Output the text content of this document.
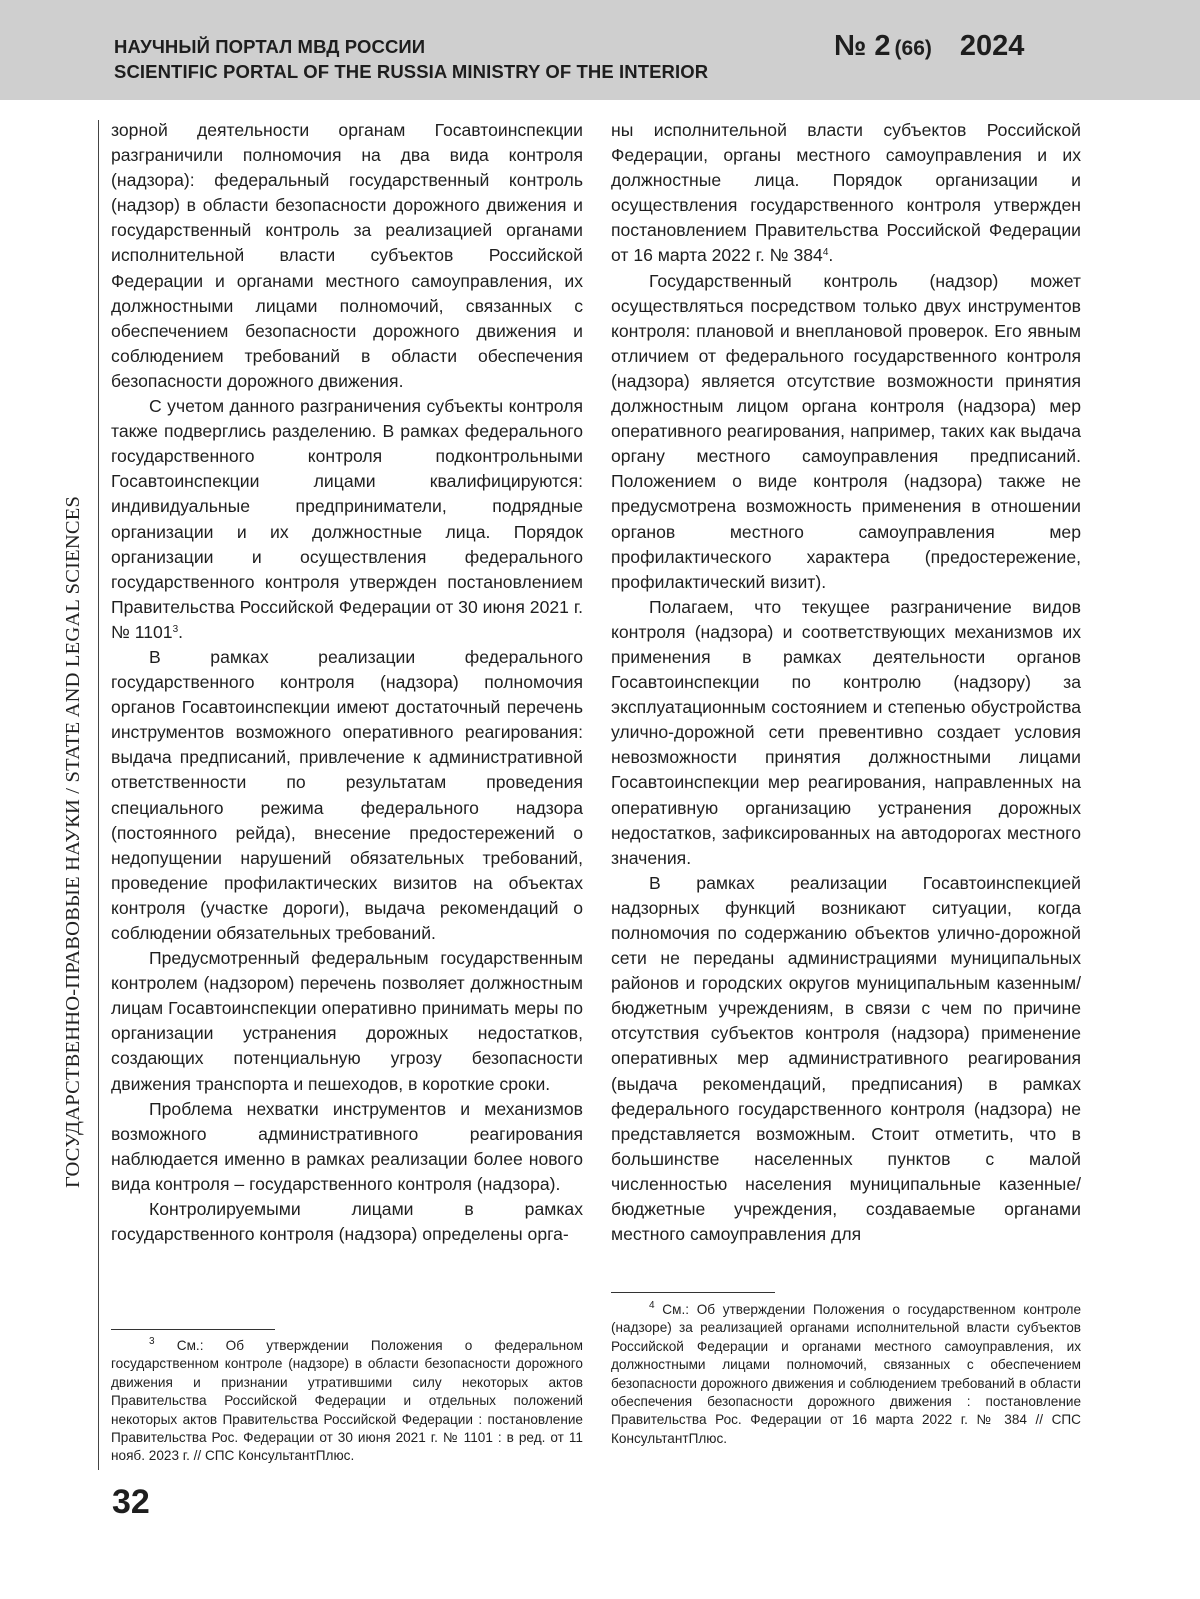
НАУЧНЫЙ ПОРТАЛ МВД РОССИИ
SCIENTIFIC PORTAL OF THE RUSSIA MINISTRY OF THE INTERIOR
№ 2 (66) 2024
ГОСУДАРСТВЕННО-ПРАВОВЫЕ НАУКИ / STATE AND LEGAL SCIENCES

зорной деятельности органам Госавтоинспекции разграничили полномочия на два вида контроля (надзора): федеральный государственный контроль (надзор) в области безопасности дорожного движения и государственный контроль за реализацией органами исполнительной власти субъектов Российской Федерации и органами местного самоуправления, их должностными лицами полномочий, связанных с обеспечением безопасности дорожного движения и соблюдением требований в области обеспечения безопасности дорожного движения.

С учетом данного разграничения субъекты контроля также подверглись разделению. В рамках федерального государственного контроля подконтрольными Госавтоинспекции лицами квалифицируются: индивидуальные предприниматели, подрядные организации и их должностные лица. Порядок организации и осуществления федерального государственного контроля утвержден постановлением Правительства Российской Федерации от 30 июня 2021 г. № 1101$^3$.

В рамках реализации федерального государственного контроля (надзора) полномочия органов Госавтоинспекции имеют достаточный перечень инструментов возможного оперативного реагирования: выдача предписаний, привлечение к административной ответственности по результатам проведения специального режима федерального надзора (постоянного рейда), внесение предостережений о недопущении нарушений обязательных требований, проведение профилактических визитов на объектах контроля (участке дороги), выдача рекомендаций о соблюдении обязательных требований.

Предусмотренный федеральным государственным контролем (надзором) перечень позволяет должностным лицам Госавтоинспекции оперативно принимать меры по организации устранения дорожных недостатков, создающих потенциальную угрозу безопасности движения транспорта и пешеходов, в короткие сроки.

Проблема нехватки инструментов и механизмов возможного административного реагирования наблюдается именно в рамках реализации более нового вида контроля – государственного контроля (надзора).

Контролируемыми лицами в рамках государственного контроля (надзора) определены орга-

ны исполнительной власти субъектов Российской Федерации, органы местного самоуправления и их должностные лица. Порядок организации и осуществления государственного контроля утвержден постановлением Правительства Российской Федерации от 16 марта 2022 г. № $384^4$.

Государственный контроль (надзор) может осуществляться посредством только двух инструментов контроля: плановой и внеплановой проверок. Его явным отличием от федерального государственного контроля (надзора) является отсутствие возможности принятия должностным лицом органа контроля (надзора) мер оперативного реагирования, например, таких как выдача органу местного самоуправления предписаний. Положением о виде контроля (надзора) также не предусмотрена возможность применения в отношении органов местного самоуправления мер профилактического характера (предостережение, профилактический визит).

Полагаем, что текущее разграничение видов контроля (надзора) и соответствующих механизмов их применения в рамках деятельности органов Госавтоинспекции по контролю (надзору) за эксплуатационным состоянием и степенью обустройства улично-дорожной сети превентивно создает условия невозможности принятия должностными лицами Госавтоинспекции мер реагирования, направленных на оперативную организацию устранения дорожных недостатков, зафиксированных на автодорогах местного значения.

В рамках реализации Госавтоинспекцией надзорных функций возникают ситуации, когда полномочия по содержанию объектов улично-дорожной сети не переданы администрациями муниципальных районов и городских округов муниципальным казенным/бюджетным учреждениям, в связи с чем по причине отсутствия субъектов контроля (надзора) применение оперативных мер административного реагирования (выдача рекомендаций, предписания) в рамках федерального государственного контроля (надзора) не представляется возможным. Стоит отметить, что в большинстве населенных пунктов с малой численностью населения муниципальные казенные/бюджетные учреждения, создаваемые органами местного самоуправления для

$^3$ См.: Об утверждении Положения о федеральном государственном контроле (надзоре) в области безопасности дорожного движения и признании утратившими силу некоторых актов Правительства Российской Федерации и отдельных положений некоторых актов Правительства Российской Федерации : постановление Правительства Рос. Федерации от 30 июня 2021 г. № 1101 : в ред. от 11 нояб. 2023 г. // СПС КонсультантПлюс.

$^4$ См.: Об утверждении Положения о государственном контроле (надзоре) за реализацией органами исполнительной власти субъектов Российской Федерации и органами местного самоуправления, их должностными лицами полномочий, связанных с обеспечением безопасности дорожного движения и соблюдением требований в области обеспечения безопасности дорожного движения : постановление Правительства Рос. Федерации от 16 марта 2022 г. № 384 // СПС КонсультантПлюс.

32
